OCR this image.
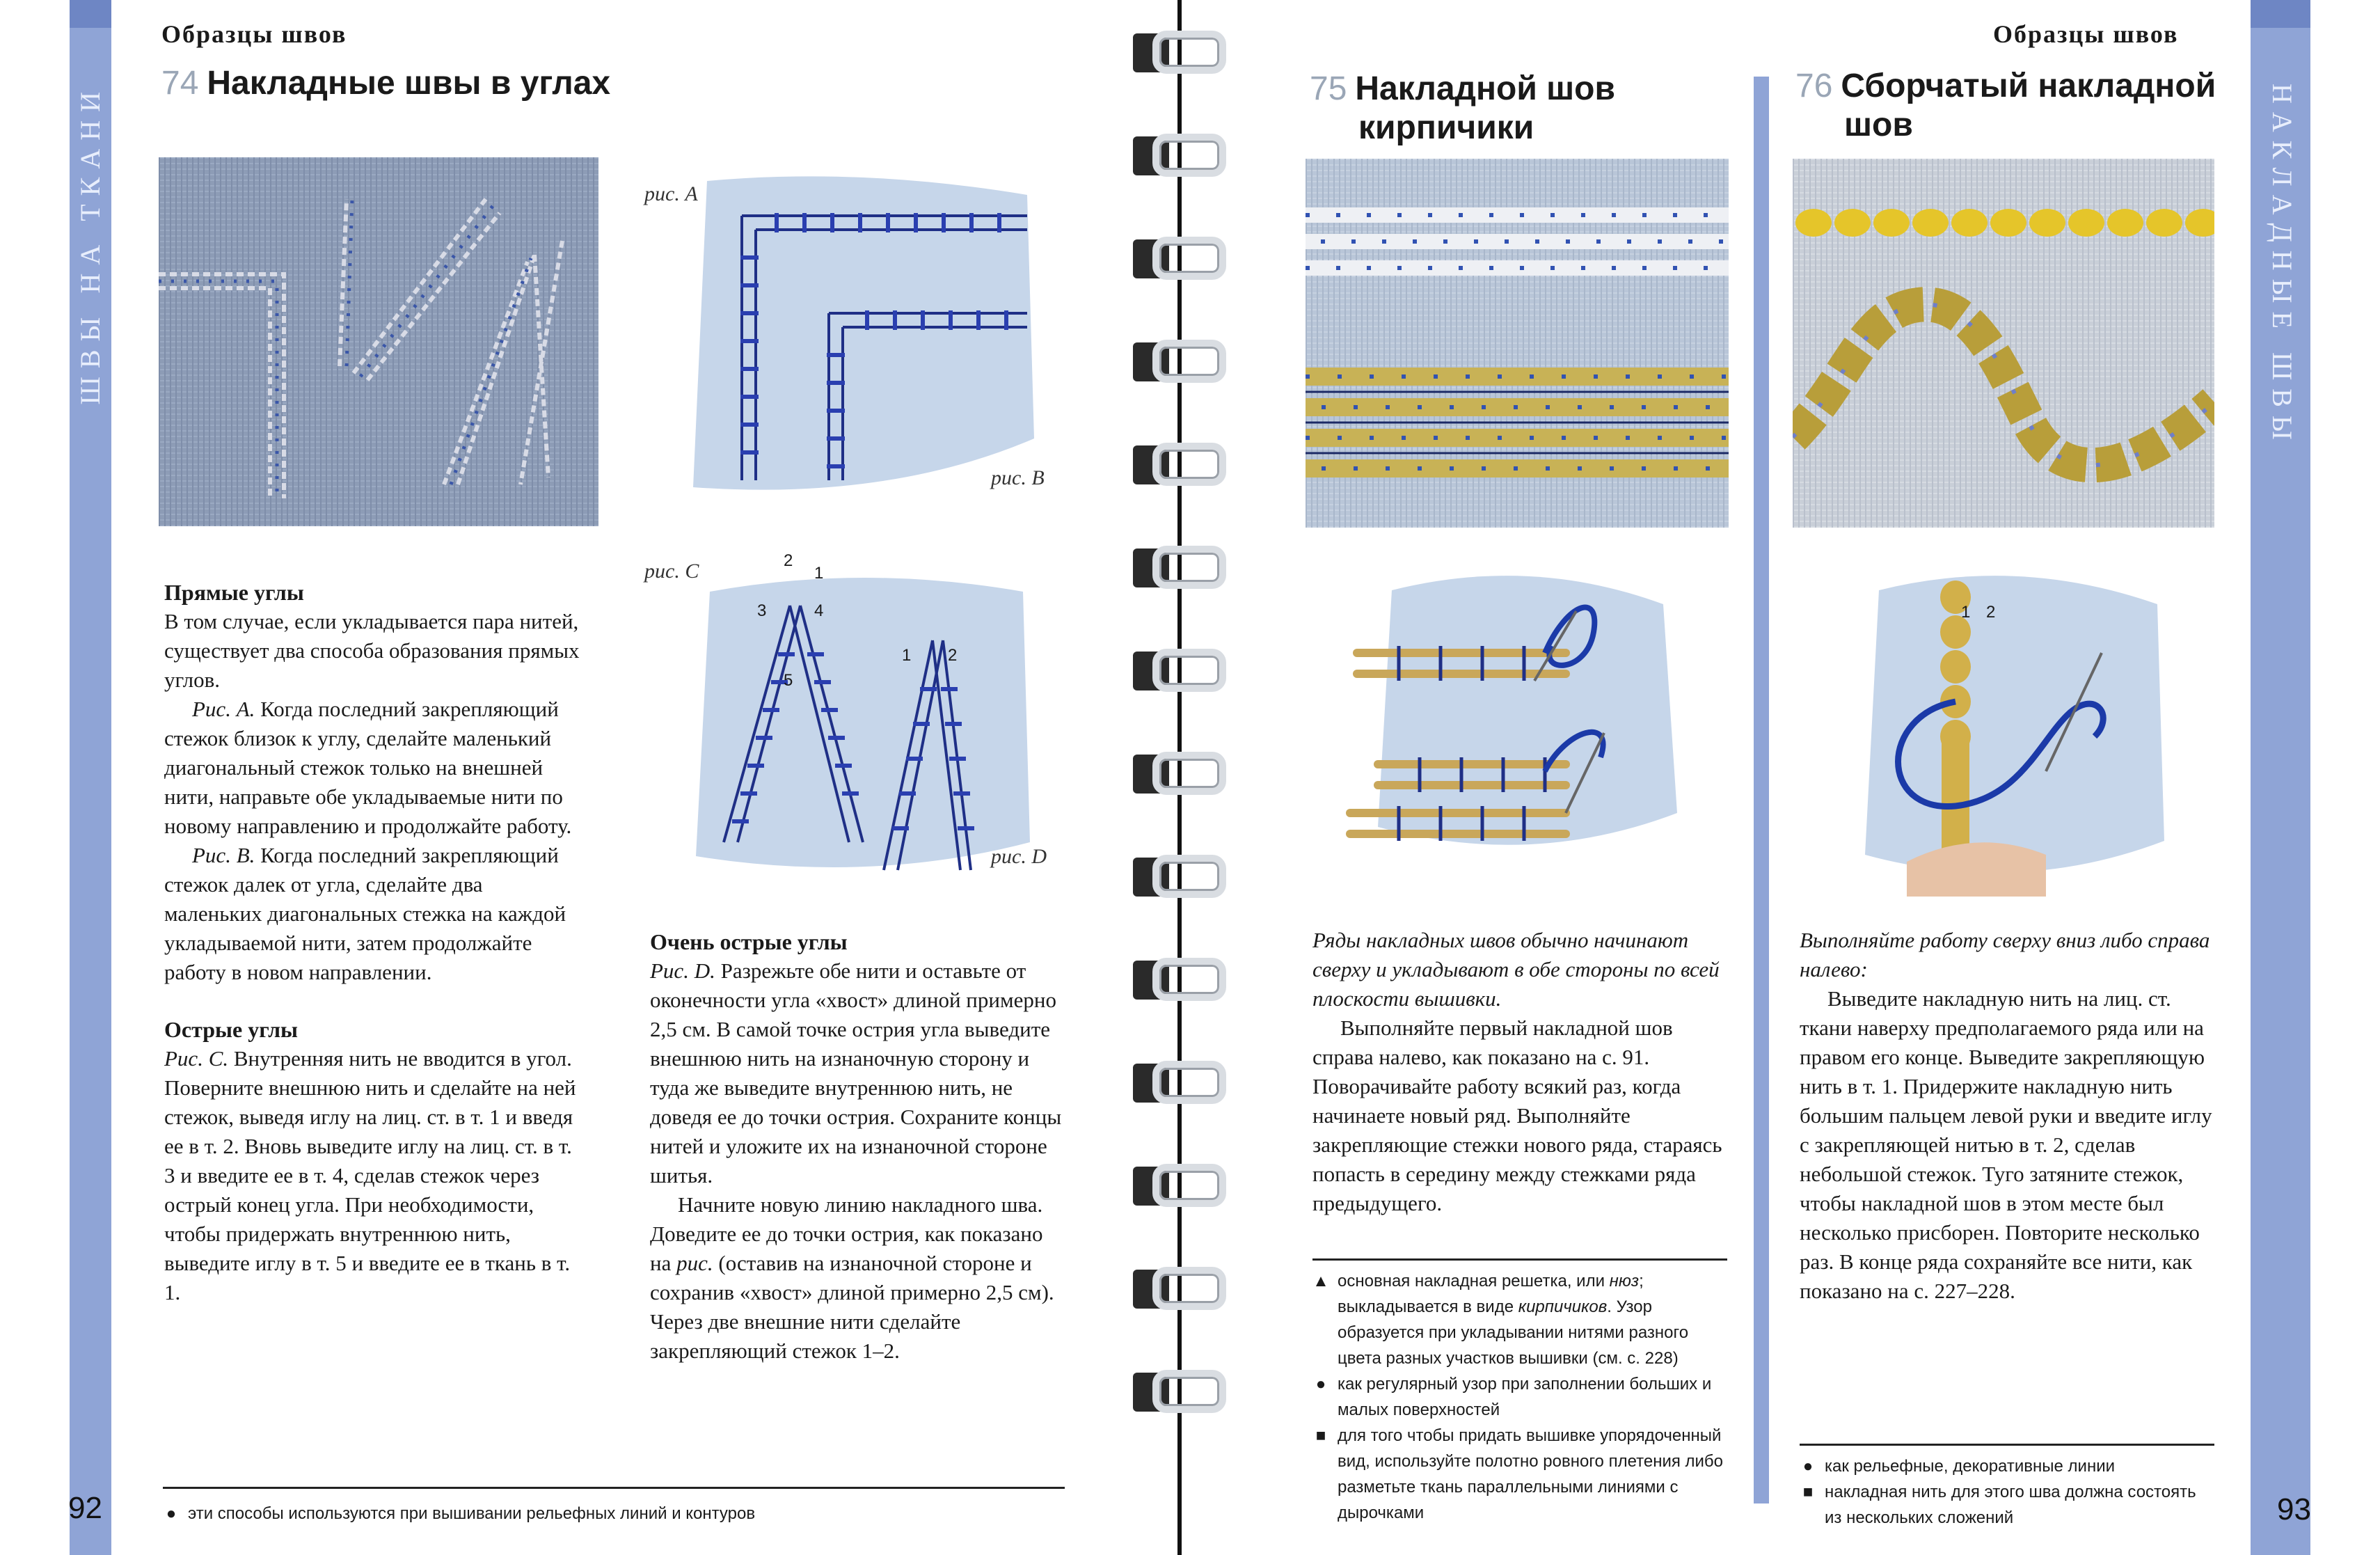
ШВЫ НА ТКАНИ
Образцы швов
74 Накладные швы в углах
рис. A
рис. B
рис. C	2
1
3	4
5
1 2
рис. D

Прямые углы

В том случае, если укладывается пара нитей, существует два способа образования прямых углов.

Рис. А. Когда последний закрепляющий стежок близок к углу, сделайте маленький диагональный стежок только на внешней нити, направьте обе укладываемые нити по новому направлению и продолжайте работу.

Рис. В. Когда последний закрепляющий стежок далек от угла, сделайте два маленьких диагональных стежка на каждой укладываемой нити, затем продолжайте работу в новом направлении.

Острые углы

Рис. С. Внутренняя нить не вводится в угол. Поверните внешнюю нить и сделайте на ней стежок, выведя иглу на лиц. ст. в т. 1 и введя ее в т. 2. Вновь выведите иглу на лиц. ст. в т. 3 и введите ее в т. 4, сделав стежок через острый конец угла. При необходимости, чтобы придержать внутреннюю нить, выведите иглу в т. 5 и введите ее в ткань в т. 1.

Очень острые углы

Рис. D. Разрежьте обе нити и оставьте от оконечности угла «хвост» длиной примерно 2,5 см. В самой точке острия угла выведите внешнюю нить на изнаночную сторону и туда же выведите внутреннюю нить, не доведя ее до точки острия. Сохраните концы нитей и уложите их на изнаночной стороне шитья.

Начните новую линию накладного шва. Доведите ее до точки острия, как показано на рис. (оставив на изнаночной стороне и сохранив «хвост» длиной примерно 2,5 см). Через две внешние нити сделайте закрепляющий стежок 1–2.

● эти способы используются при вышивании рельефных линий и контуров
92
Образцы швов
НАКЛАДНЫЕ ШВЫ
75 Накладной шов
кирпичики
76 Сборчатый накладной
шов
1 2
Ряды накладных швов обычно начинают сверху и укладывают в обе стороны по всей плоскости вышивки.

Выполняйте первый накладной шов справа налево, как показано на с. 91. Поворачивайте работу всякий раз, когда начинаете новый ряд. Выполняйте закрепляющие стежки нового ряда, стараясь попасть в середину между стежками ряда предыдущего.

▲ основная накладная решетка, или нюз; выкладывается в виде кирпичиков. Узор образуется при укладывании нитями разного цвета разных участков вышивки (см. с. 228)
● как регулярный узор при заполнении больших и малых поверхностей
■ для того чтобы придать вышивке упорядоченный вид, используйте полотно ровного плетения либо разметьте ткань параллельными линиями с дырочками
Выполняйте работу сверху вниз либо справа налево:

Выведите накладную нить на лиц. ст. ткани наверху предполагаемого ряда или на правом его конце. Выведите закрепляющую нить в т. 1. Придержите накладную нить большим пальцем левой руки и введите иглу с закрепляющей нитью в т. 2, сделав небольшой стежок. Туго затяните стежок, чтобы накладной шов в этом месте был несколько присборен. Повторите несколько раз. В конце ряда сохраняйте все нити, как показано на с. 227–228.

● как рельефные, декоративные линии
■ накладная нить для этого шва должна состоять из нескольких сложений	93
